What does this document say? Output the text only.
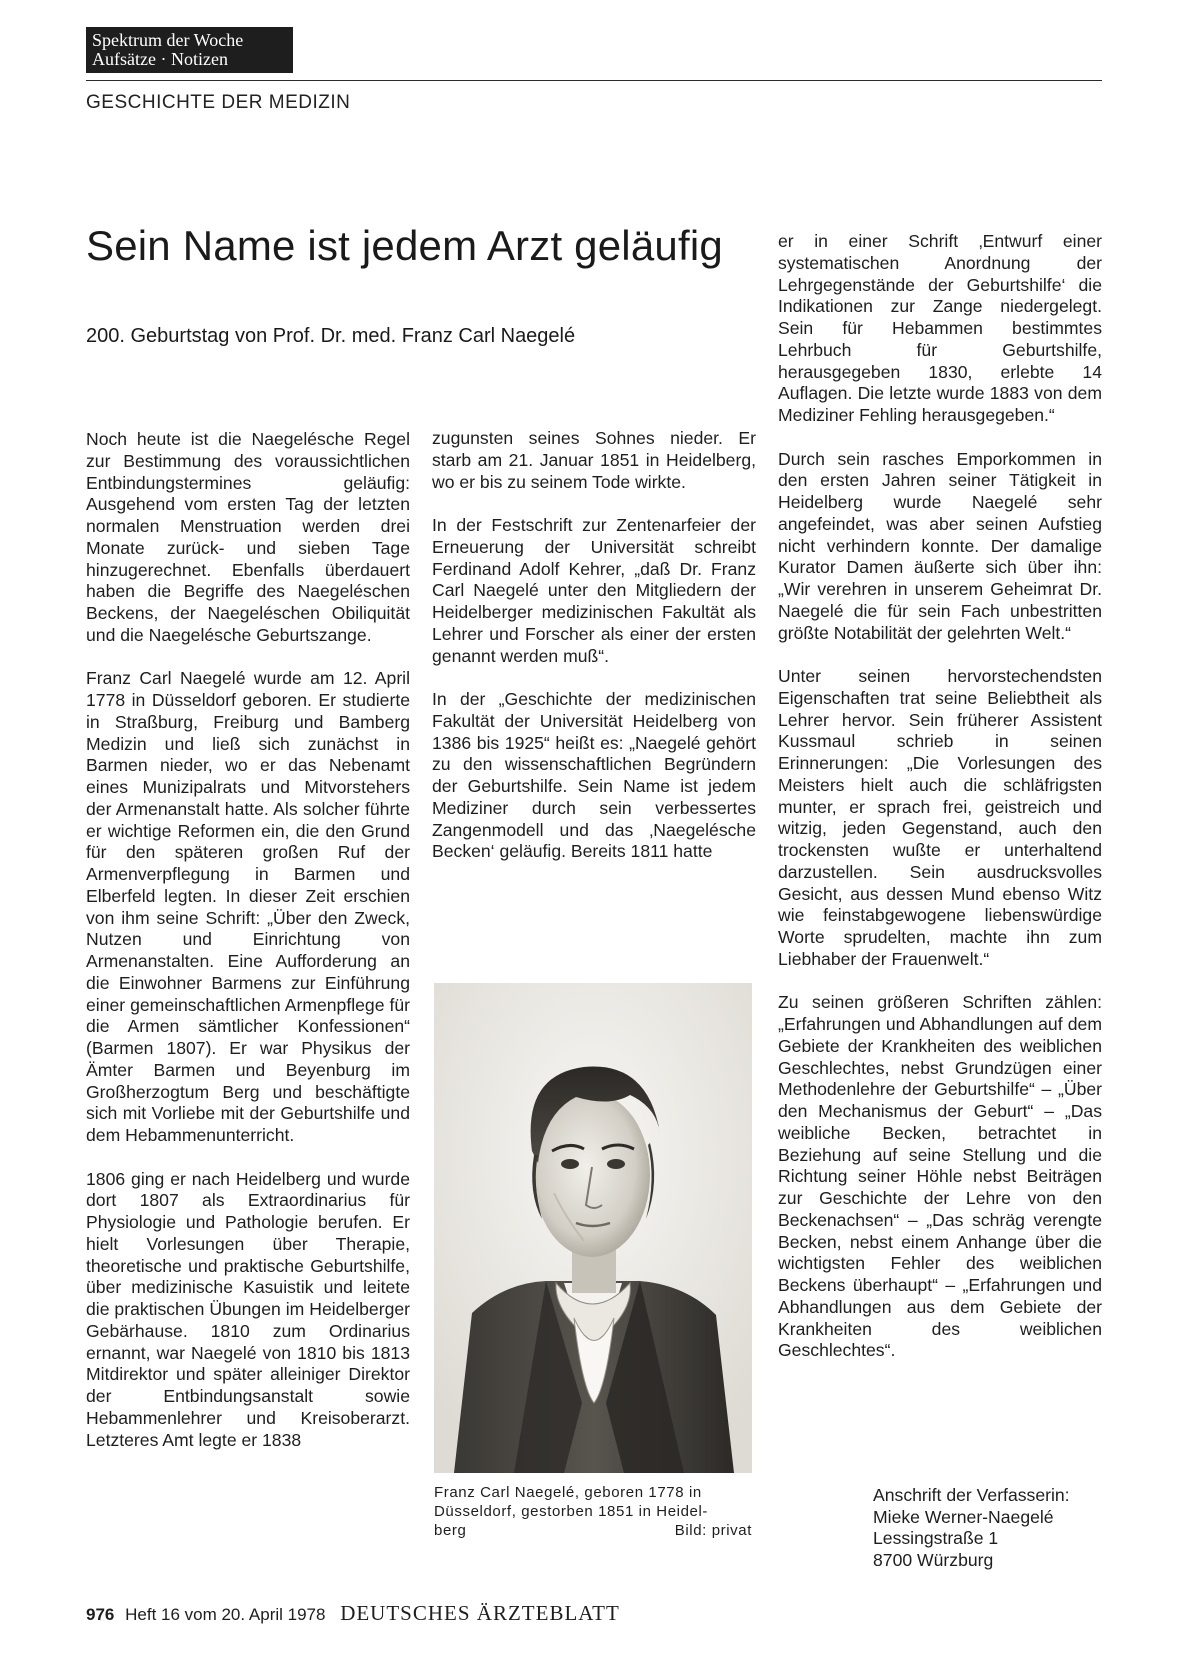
Spektrum der Woche
Aufsätze · Notizen
GESCHICHTE DER MEDIZIN
Sein Name ist jedem Arzt geläufig
200. Geburtstag von Prof. Dr. med. Franz Carl Naegelé

Noch heute ist die Naegelésche Regel zur Bestimmung des voraussichtlichen Entbindungstermines geläufig: Ausgehend vom ersten Tag der letzten normalen Menstruation werden drei Monate zurück- und sieben Tage hinzugerechnet. Ebenfalls überdauert haben die Begriffe des Naegeléschen Beckens, der Naegeléschen Obiliquität und die Naegelésche Geburtszange.

Franz Carl Naegelé wurde am 12. April 1778 in Düsseldorf geboren. Er studierte in Straßburg, Freiburg und Bamberg Medizin und ließ sich zunächst in Barmen nieder, wo er das Nebenamt eines Munizipalrats und Mitvorstehers der Armenanstalt hatte. Als solcher führte er wichtige Reformen ein, die den Grund für den späteren großen Ruf der Armenverpflegung in Barmen und Elberfeld legten. In dieser Zeit erschien von ihm seine Schrift: „Über den Zweck, Nutzen und Einrichtung von Armenanstalten. Eine Aufforderung an die Einwohner Barmens zur Einführung einer gemeinschaftlichen Armenpflege für die Armen sämtlicher Konfessionen“ (Barmen 1807). Er war Physikus der Ämter Barmen und Beyenburg im Großherzogtum Berg und beschäftigte sich mit Vorliebe mit der Geburtshilfe und dem Hebammenunterricht.

1806 ging er nach Heidelberg und wurde dort 1807 als Extraordinarius für Physiologie und Pathologie berufen. Er hielt Vorlesungen über Therapie, theoretische und praktische Geburtshilfe, über medizinische Kasuistik und leitete die praktischen Übungen im Heidelberger Gebärhause. 1810 zum Ordinarius ernannt, war Naegelé von 1810 bis 1813 Mitdirektor und später alleiniger Direktor der Entbindungsanstalt sowie Hebammenlehrer und Kreisoberarzt. Letzteres Amt legte er 1838

zugunsten seines Sohnes nieder. Er starb am 21. Januar 1851 in Heidelberg, wo er bis zu seinem Tode wirkte.

In der Festschrift zur Zentenarfeier der Erneuerung der Universität schreibt Ferdinand Adolf Kehrer, „daß Dr. Franz Carl Naegelé unter den Mitgliedern der Heidelberger medizinischen Fakultät als Lehrer und Forscher als einer der ersten genannt werden muß“.

In der „Geschichte der medizinischen Fakultät der Universität Heidelberg von 1386 bis 1925“ heißt es: „Naegelé gehört zu den wissenschaftlichen Begründern der Geburtshilfe. Sein Name ist jedem Mediziner durch sein verbessertes Zangenmodell und das ‚Naegelésche Becken‘ geläufig. Bereits 1811 hatte

Franz Carl Naegelé, geboren 1778 in
Düsseldorf, gestorben 1851 in Heidel-
berg	Bild: privat

er in einer Schrift ‚Entwurf einer systematischen Anordnung der Lehrgegenstände der Geburtshilfe‘ die Indikationen zur Zange niedergelegt. Sein für Hebammen bestimmtes Lehrbuch für Geburtshilfe, herausgegeben 1830, erlebte 14 Auflagen. Die letzte wurde 1883 von dem Mediziner Fehling herausgegeben.“

Durch sein rasches Emporkommen in den ersten Jahren seiner Tätigkeit in Heidelberg wurde Naegelé sehr angefeindet, was aber seinen Aufstieg nicht verhindern konnte. Der damalige Kurator Damen äußerte sich über ihn: „Wir verehren in unserem Geheimrat Dr. Naegelé die für sein Fach unbestritten größte Notabilität der gelehrten Welt.“

Unter seinen hervorstechendsten Eigenschaften trat seine Beliebtheit als Lehrer hervor. Sein früherer Assistent Kussmaul schrieb in seinen Erinnerungen: „Die Vorlesungen des Meisters hielt auch die schläfrigsten munter, er sprach frei, geistreich und witzig, jeden Gegenstand, auch den trockensten wußte er unterhaltend darzustellen. Sein ausdrucksvolles Gesicht, aus dessen Mund ebenso Witz wie feinstabgewogene liebenswürdige Worte sprudelten, machte ihn zum Liebhaber der Frauenwelt.“

Zu seinen größeren Schriften zählen: „Erfahrungen und Abhandlungen auf dem Gebiete der Krankheiten des weiblichen Geschlechtes, nebst Grundzügen einer Methodenlehre der Geburtshilfe“ – „Über den Mechanismus der Geburt“ – „Das weibliche Becken, betrachtet in Beziehung auf seine Stellung und die Richtung seiner Höhle nebst Beiträgen zur Geschichte der Lehre von den Beckenachsen“ – „Das schräg verengte Becken, nebst einem Anhange über die wichtigsten Fehler des weiblichen Beckens überhaupt“ – „Erfahrungen und Abhandlungen aus dem Gebiete der Krankheiten des weiblichen Geschlechtes“.

Anschrift der Verfasserin:
Mieke Werner-Naegelé
Lessingstraße 1
8700 Würzburg
976 Heft 16 vom 20. April 1978 DEUTSCHES ÄRZTEBLATT
